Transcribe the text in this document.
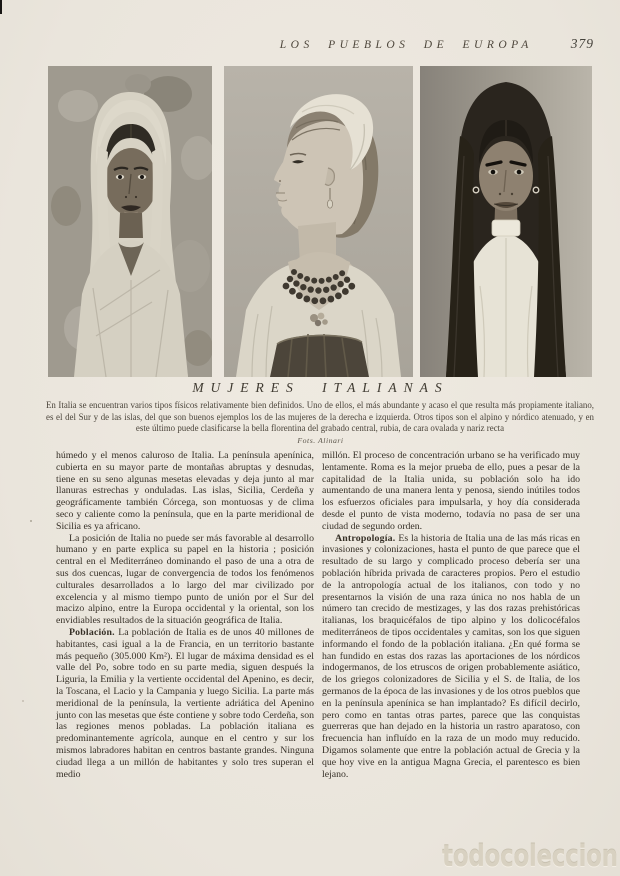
LOS PUEBLOS DE EUROPA	379
MUJERES ITALIANAS
En Italia se encuentran varios tipos físicos relativamente bien definidos. Uno de ellos, el más abundante y acaso el que resulta más propiamente italiano, es el del Sur y de las islas, del que son buenos ejemplos los de las mujeres de la derecha e izquierda. Otros tipos son el alpino y nórdico atenuado, y en este último puede clasificarse la bella florentina del grabado central, rubia, de cara ovalada y nariz recta
Fots. Alinari

húmedo y el menos caluroso de Italia. La península apenínica, cubierta en su mayor parte de montañas abruptas y desnudas, tiene en su seno algunas mesetas elevadas y deja junto al mar llanuras estrechas y onduladas. Las islas, Sicilia, Cerdeña y geográficamente también Córcega, son montuosas y de clima seco y caliente como la península, que en la parte meridional de Sicilia es ya africano.

La posición de Italia no puede ser más favorable al desarrollo humano y en parte explica su papel en la historia ; posición central en el Mediterráneo dominando el paso de una a otra de sus dos cuencas, lugar de convergencia de todos los fenómenos culturales desarrollados a lo largo del mar civilizado por excelencia y al mismo tiempo punto de unión por el Sur del macizo alpino, entre la Europa occidental y la oriental, son los envidiables resultados de la situación geográfica de Italia.

Población. La población de Italia es de unos 40 millones de habitantes, casi igual a la de Francia, en un territorio bastante más pequeño (305.000 Km²). El lugar de máxima densidad es el valle del Po, sobre todo en su parte media, siguen después la Liguria, la Emilia y la vertiente occidental del Apenino, es decir, la Toscana, el Lacio y la Campania y luego Sicilia. La parte más meridional de la península, la vertiente adriática del Apenino junto con las mesetas que éste contiene y sobre todo Cerdeña, son las regiones menos pobladas. La población italiana es predominantemente agrícola, aunque en el centro y sur los mismos labradores habitan en centros bastante grandes. Ninguna ciudad llega a un millón de habitantes y solo tres superan el medio

millón. El proceso de concentración urbano se ha verificado muy lentamente. Roma es la mejor prueba de ello, pues a pesar de la capitalidad de la Italia unida, su población solo ha ido aumentando de una manera lenta y penosa, siendo inútiles todos los esfuerzos oficiales para impulsarla, y hoy día considerada desde el punto de vista moderno, todavía no pasa de ser una ciudad de segundo orden.

Antropología. Es la historia de Italia una de las más ricas en invasiones y colonizaciones, hasta el punto de que parece que el resultado de su largo y complicado proceso debería ser una población híbrida privada de caracteres propios. Pero el estudio de la antropología actual de los italianos, con todo y no presentarnos la visión de una raza única no nos habla de un número tan crecido de mestizages, y las dos razas prehistóricas italianas, los braquicéfalos de tipo alpino y los dolicocéfalos mediterráneos de tipos occidentales y camitas, son los que siguen informando el fondo de la población italiana. ¿En qué forma se han fundido en estas dos razas las aportaciones de los nórdicos indogermanos, de los etruscos de origen probablemente asiático, de los griegos colonizadores de Sicilia y el S. de Italia, de los germanos de la época de las invasiones y de los otros pueblos que en la península apenínica se han implantado? Es difícil decirlo, pero como en tantas otras partes, parece que las conquistas guerreras que han dejado en la historia un rastro aparatoso, con frecuencia han influído en la raza de un modo muy reducido. Digamos solamente que entre la población actual de Grecia y la que hoy vive en la antigua Magna Grecia, el parentesco es bien lejano.

todocoleccion
